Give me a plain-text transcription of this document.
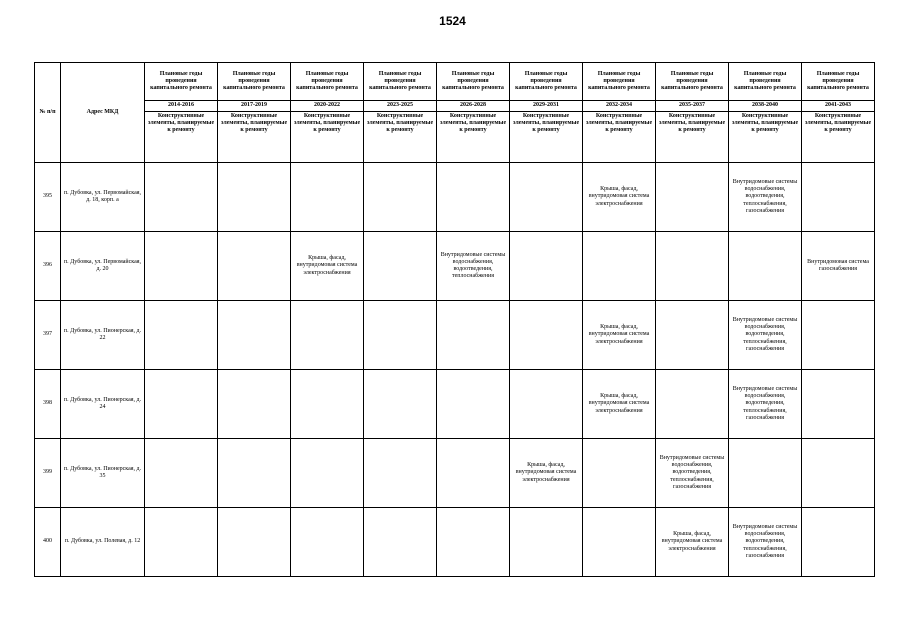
1524
№ п/п	Адрес МКД	Плановые годы проведения капитального ремонта	Плановые годы проведения капитального ремонта	Плановые годы проведения капитального ремонта	Плановые годы проведения капитального ремонта	Плановые годы проведения капитального ремонта	Плановые годы проведения капитального ремонта	Плановые годы проведения капитального ремонта	Плановые годы проведения капитального ремонта	Плановые годы проведения капитального ремонта	Плановые годы проведения капитального ремонта
		2014-2016	2017-2019	2020-2022	2023-2025	2026-2028	2029-2031	2032-2034	2035-2037	2038-2040	2041-2043
		Конструктивные элементы, планируемые к ремонту	Конструктивные элементы, планируемые к ремонту	Конструктивные элементы, планируемые к ремонту	Конструктивные элементы, планируемые к ремонту	Конструктивные элементы, планируемые к ремонту	Конструктивные элементы, планируемые к ремонту	Конструктивные элементы, планируемые к ремонту	Конструктивные элементы, планируемые к ремонту	Конструктивные элементы, планируемые к ремонту	Конструктивные элементы, планируемые к ремонту
395	п. Дубовка, ул. Первомайская, д. 18, корп. а							Крыша, фасад, внутридомовая система электроснабжения		Внутридомовые системы водоснабжения, водоотведения, теплоснабжения, газоснабжения	
396	п. Дубовка, ул. Первомайская, д. 20			Крыша, фасад, внутридомовая система электроснабжения		Внутридомовые системы водоснабжения, водоотведения, теплоснабжения					Внутридомовая система газоснабжения
397	п. Дубовка, ул. Пионерская, д. 22							Крыша, фасад, внутридомовая система электроснабжения		Внутридомовые системы водоснабжения, водоотведения, теплоснабжения, газоснабжения	
398	п. Дубовка, ул. Пионерская, д. 24							Крыша, фасад, внутридомовая система электроснабжения		Внутридомовые системы водоснабжения, водоотведения, теплоснабжения, газоснабжения	
399	п. Дубовка, ул. Пионерская, д. 35						Крыша, фасад, внутридомовая система электроснабжения		Внутридомовые системы водоснабжения, водоотведения, теплоснабжения, газоснабжения		
400	п. Дубовка, ул. Полевая, д. 12								Крыша, фасад, внутридомовая система электроснабжения	Внутридомовые системы водоснабжения, водоотведения, теплоснабжения, газоснабжения	
